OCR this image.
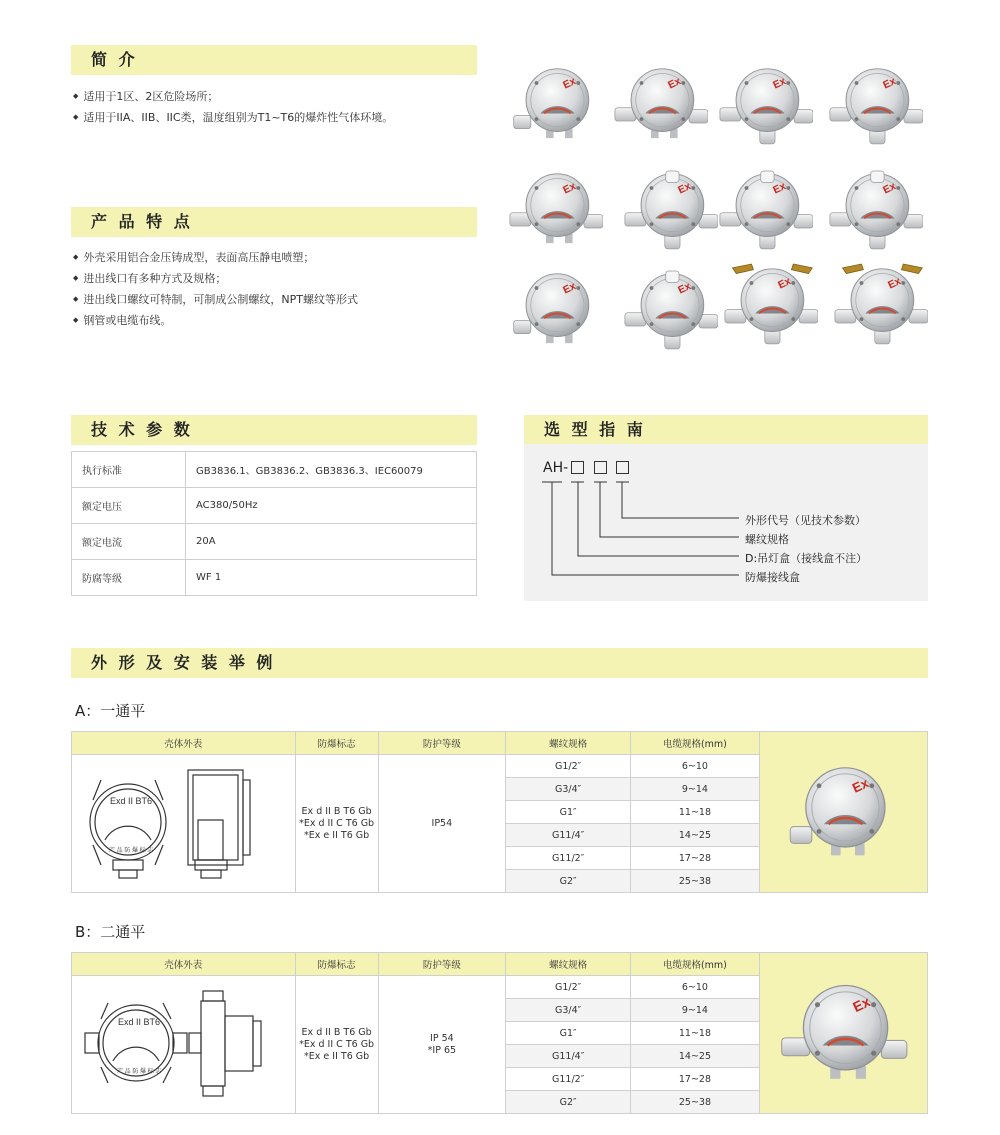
简 介
◆ 适用于1区、2区危险场所；
◆ 适用于IIA、IIB、IIC类，温度组别为T1~T6的爆炸性气体环境。
产 品 特 点
◆ 外壳采用铝合金压铸成型，表面高压静电喷塑；
◆ 进出线口有多种方式及规格；
◆ 进出线口螺纹可特制，可制成公制螺纹，NPT螺纹等形式
◆ 钢管或电缆布线。
技 术 参 数
执行标准	GB3836.1、GB3836.2、GB3836.3、IEC60079
额定电压	AC380/50Hz
额定电流	20A
防腐等级	WF 1
选 型 指 南
AH-
外形代号（见技术参数）
螺纹规格
D:吊灯盒（接线盒不注）
防爆接线盒
外 形 及 安 装 举 例
A：一通平
壳体外表	防爆标志	防护等级	螺纹规格	电缆规格(mm)	

Exd II BT6
产 品 防 爆 标 志	Ex d II B T6 Gb
*Ex d II C T6 Gb
*Ex e II T6 Gb	IP54	G1/2″	6~10	
			G3/4″	9~14	
			G1″	11~18	
			G11/4″	14~25	
			G11/2″	17~28	
			G2″	25~38	
B：二通平
壳体外表	防爆标志	防护等级	螺纹规格	电缆规格(mm)	

Exd II BT6
产 品 防 爆 标 志	Ex d II B T6 Gb
*Ex d II C T6 Gb
*Ex e II T6 Gb	IP 54
*IP 65	G1/2″	6~10	
			G3/4″	9~14	
			G1″	11~18	
			G11/4″	14~25	
			G11/2″	17~28	
			G2″	25~38	
